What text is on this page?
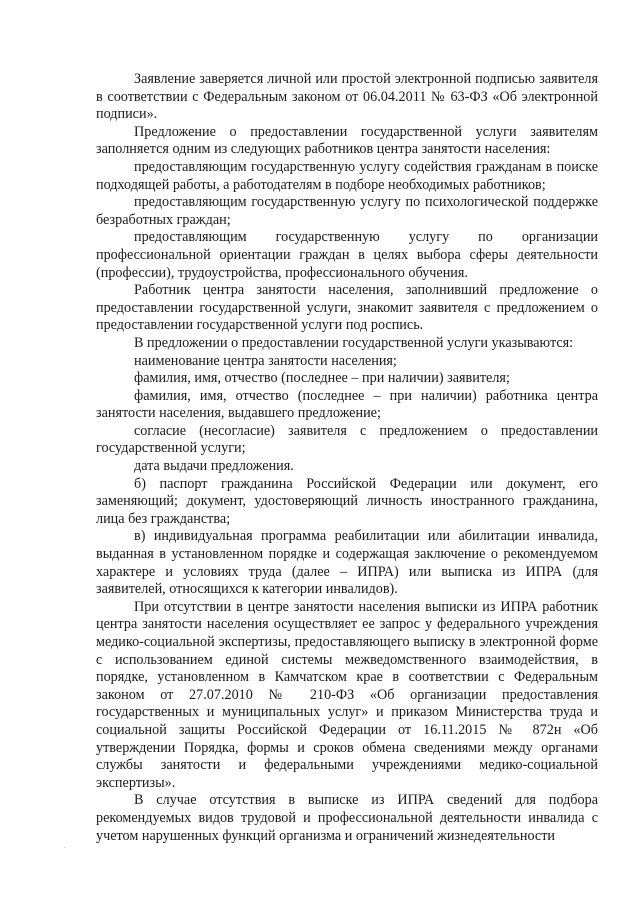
Заявление заверяется личной или простой электронной подписью заявителя в соответствии с Федеральным законом от 06.04.2011 № 63-ФЗ «Об электронной подписи».

Предложение о предоставлении государственной услуги заявителям заполняется одним из следующих работников центра занятости населения:

предоставляющим государственную услугу содействия гражданам в поиске подходящей работы, а работодателям в подборе необходимых работников;

предоставляющим государственную услугу по психологической поддержке безработных граждан;

предоставляющим государственную услугу по организации профессиональной ориентации граждан в целях выбора сферы деятельности (профессии), трудоустройства, профессионального обучения.

Работник центра занятости населения, заполнивший предложение о предоставлении государственной услуги, знакомит заявителя с предложением о предоставлении государственной услуги под роспись.

В предложении о предоставлении государственной услуги указываются:

наименование центра занятости населения;

фамилия, имя, отчество (последнее – при наличии) заявителя;

фамилия, имя, отчество (последнее – при наличии) работника центра занятости населения, выдавшего предложение;

согласие (несогласие) заявителя с предложением о предоставлении государственной услуги;

дата выдачи предложения.

б) паспорт гражданина Российской Федерации или документ, его заменяющий; документ, удостоверяющий личность иностранного гражданина, лица без гражданства;

в) индивидуальная программа реабилитации или абилитации инвалида, выданная в установленном порядке и содержащая заключение о рекомендуемом характере и условиях труда (далее – ИПРА) или выписка из ИПРА (для заявителей, относящихся к категории инвалидов).

При отсутствии в центре занятости населения выписки из ИПРА работник центра занятости населения осуществляет ее запрос у федерального учреждения медико-социальной экспертизы, предоставляющего выписку в электронной форме с использованием единой системы межведомственного взаимодействия, в порядке, установленном в Камчатском крае в соответствии с Федеральным законом от 27.07.2010 № 210-ФЗ «Об организации предоставления государственных и муниципальных услуг» и приказом Министерства труда и социальной защиты Российской Федерации от 16.11.2015 № 872н «Об утверждении Порядка, формы и сроков обмена сведениями между органами службы занятости и федеральными учреждениями медико-социальной экспертизы».

В случае отсутствия в выписке из ИПРА сведений для подбора рекомендуемых видов трудовой и профессиональной деятельности инвалида с учетом нарушенных функций организма и ограничений жизнедеятельности

.
